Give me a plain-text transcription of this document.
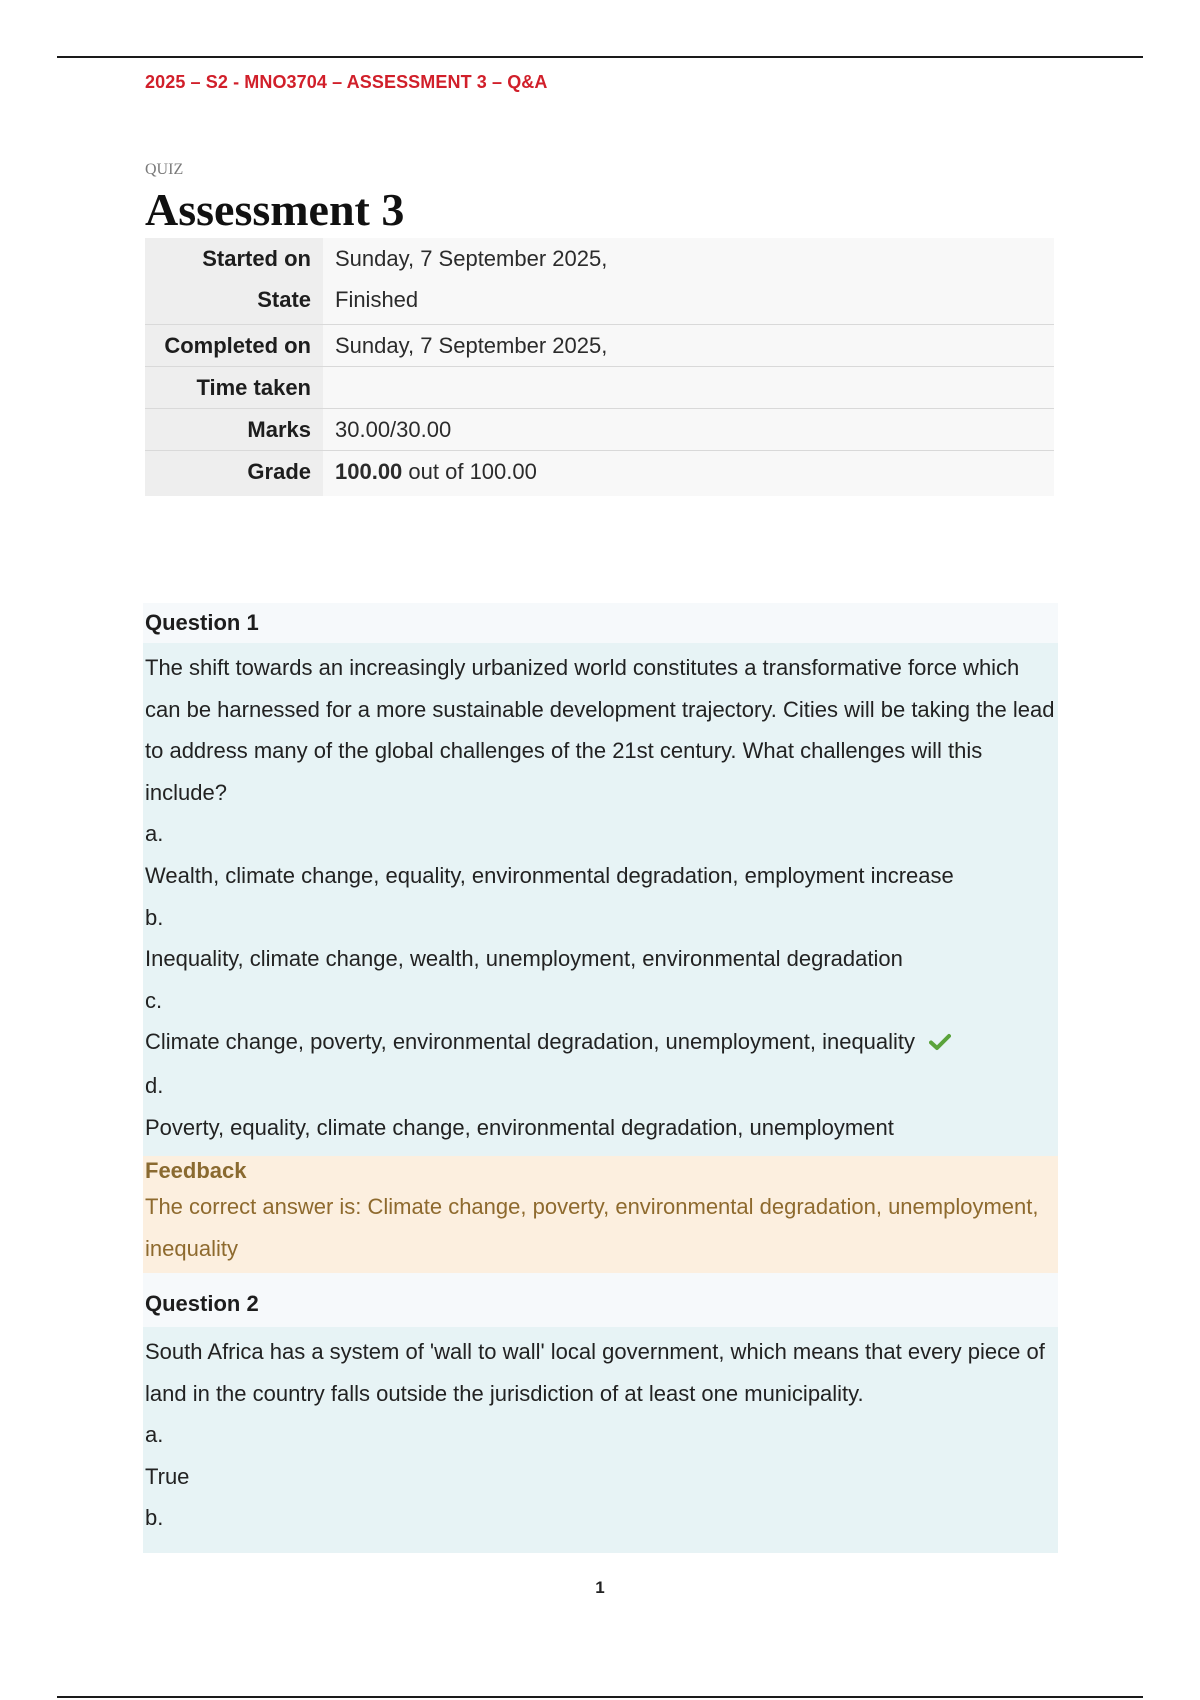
2025 – S2 - MNO3704 – ASSESSMENT 3 – Q&A
QUIZ
Assessment 3
Started on	Sunday, 7 September 2025,
State	Finished
Completed on	Sunday, 7 September 2025,
Time taken	
Marks	30.00/30.00
Grade	100.00 out of 100.00
Question 1

The shift towards an increasingly urbanized world constitutes a transformative force which can be harnessed for a more sustainable development trajectory. Cities will be taking the lead to address many of the global challenges of the 21st century. What challenges will this include?

a.

Wealth, climate change, equality, environmental degradation, employment increase

b.

Inequality, climate change, wealth, unemployment, environmental degradation

c.

Climate change, poverty, environmental degradation, unemployment, inequality

d.

Poverty, equality, climate change, environmental degradation, unemployment

Feedback
The correct answer is: Climate change, poverty, environmental degradation, unemployment, inequality
Question 2

South Africa has a system of 'wall to wall' local government, which means that every piece of land in the country falls outside the jurisdiction of at least one municipality.

a.

True

b.

1
